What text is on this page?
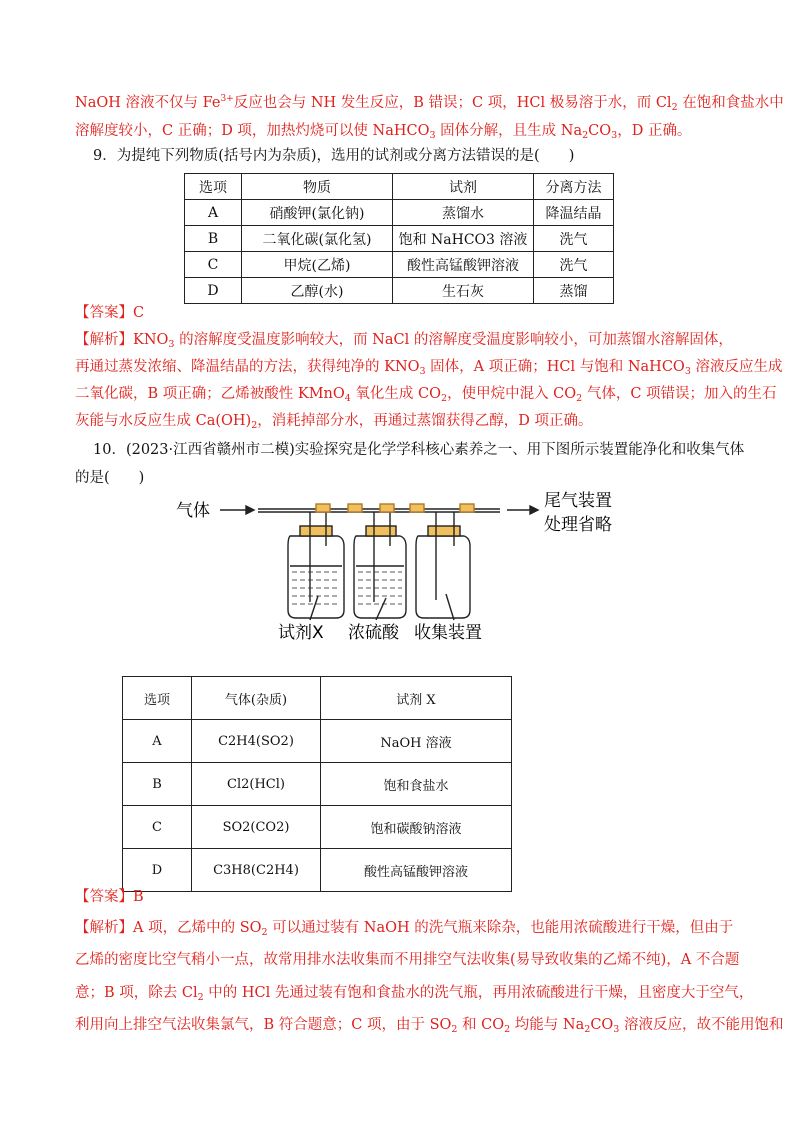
NaOH 溶液不仅与 $Fe^{3+}$反应也会与 NH 发生反应，B 错误；C 项，HCl 极易溶于水，而 $Cl_2$ 在饱和食盐水中
溶解度较小，C 正确；D 项，加热灼烧可以使 NaHCO$_3$ 固体分解，且生成 $Na_2CO_3$，D 正确。
9．为提纯下列物质(括号内为杂质)，选用的试剂或分离方法错误的是(　　)
选项	物质	试剂	分离方法
A	硝酸钾(氯化钠)	蒸馏水	降温结晶
B	二氧化碳(氯化氢)	饱和 NaHCO3 溶液	洗气
C	甲烷(乙烯)	酸性高锰酸钾溶液	洗气
D	乙醇(水)	生石灰	蒸馏
【答案】C
【解析】$KNO_3$ 的溶解度受温度影响较大，而 NaCl 的溶解度受温度影响较小，可加蒸馏水溶解固体，
再通过蒸发浓缩、降温结晶的方法，获得纯净的 $KNO_3$ 固体，A 项正确；HCl 与饱和 NaHCO$_3$ 溶液反应生成
二氧化碳，B 项正确；乙烯被酸性 KMnO$_4$ 氧化生成 $CO_2$，使甲烷中混入 $CO_2$ 气体，C 项错误；加入的生石
灰能与水反应生成 $Ca(OH)_2$，消耗掉部分水，再通过蒸馏获得乙醇，D 项正确。
10．(2023·江西省赣州市二模)实验探究是化学学科核心素养之一、用下图所示装置能净化和收集气体
的是(　　)
气体	尾气装置
处理省略
试剂X 浓硫酸 收集装置
选项	气体(杂质)	试剂 X
A	C2H4(SO2)	NaOH 溶液
B	Cl2(HCl)	饱和食盐水
C	SO2(CO2)	饱和碳酸钠溶液
D	C3H8(C2H4)	酸性高锰酸钾溶液
【答案】B
【解析】A 项，乙烯中的 $SO_2$ 可以通过装有 NaOH 的洗气瓶来除杂，也能用浓硫酸进行干燥，但由于
乙烯的密度比空气稍小一点，故常用排水法收集而不用排空气法收集(易导致收集的乙烯不纯)，A 不合题
意；B 项，除去 $Cl_2$ 中的 HCl 先通过装有饱和食盐水的洗气瓶，再用浓硫酸进行干燥，且密度大于空气，
利用向上排空气法收集氯气，B 符合题意；C 项，由于 $SO_2$ 和 $CO_2$ 均能与 $Na_2CO_3$ 溶液反应，故不能用饱和
